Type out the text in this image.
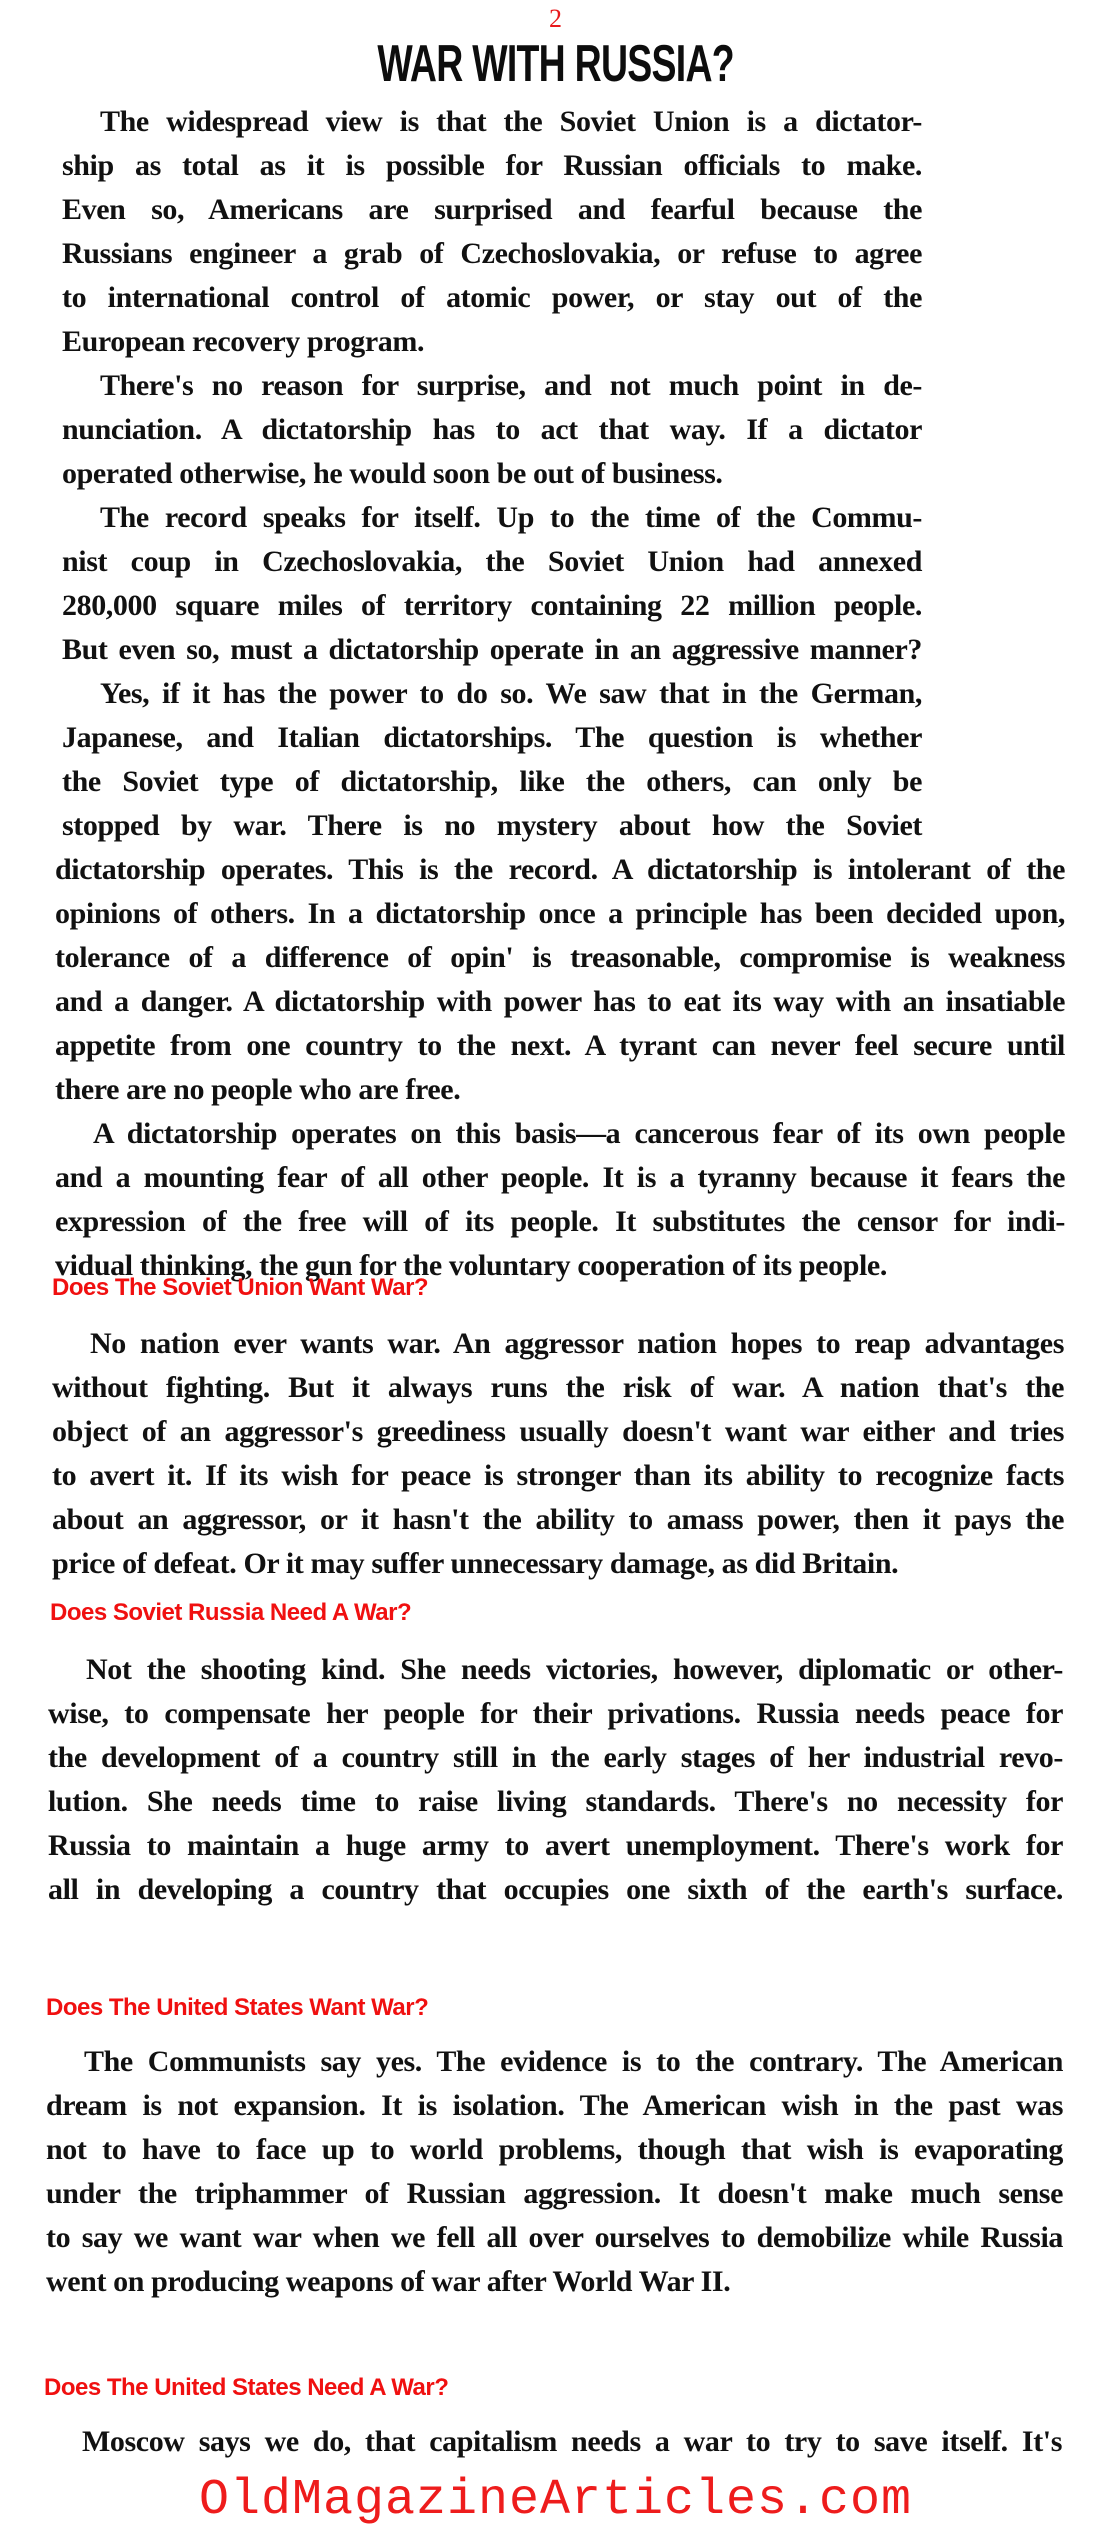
2
WAR WITH RUSSIA?
The widespread view is that the Soviet Union is a dictator-
ship as total as it is possible for Russian officials to make.
Even so, Americans are surprised and fearful because the
Russians engineer a grab of Czechoslovakia, or refuse to agree
to international control of atomic power, or stay out of the
European recovery program.
There's no reason for surprise, and not much point in de-
nunciation. A dictatorship has to act that way. If a dictator
operated otherwise, he would soon be out of business.
The record speaks for itself. Up to the time of the Commu-
nist coup in Czechoslovakia, the Soviet Union had annexed
280,000 square miles of territory containing 22 million people.
But even so, must a dictatorship operate in an aggressive manner?
Yes, if it has the power to do so. We saw that in the German,
Japanese, and Italian dictatorships. The question is whether
the Soviet type of dictatorship, like the others, can only be
stopped by war. There is no mystery about how the Soviet
dictatorship operates. This is the record. A dictatorship is intolerant of the
opinions of others. In a dictatorship once a principle has been decided upon,
tolerance of a difference of opin' is treasonable, compromise is weakness
and a danger. A dictatorship with power has to eat its way with an insatiable
appetite from one country to the next. A tyrant can never feel secure until
there are no people who are free.
A dictatorship operates on this basis—a cancerous fear of its own people
and a mounting fear of all other people. It is a tyranny because it fears the
expression of the free will of its people. It substitutes the censor for indi-
vidual thinking, the gun for the voluntary cooperation of its people.
Does The Soviet Union Want War?
No nation ever wants war. An aggressor nation hopes to reap advantages
without fighting. But it always runs the risk of war. A nation that's the
object of an aggressor's greediness usually doesn't want war either and tries
to avert it. If its wish for peace is stronger than its ability to recognize facts
about an aggressor, or it hasn't the ability to amass power, then it pays the
price of defeat. Or it may suffer unnecessary damage, as did Britain.
Does Soviet Russia Need A War?
Not the shooting kind. She needs victories, however, diplomatic or other-
wise, to compensate her people for their privations. Russia needs peace for
the development of a country still in the early stages of her industrial revo-
lution. She needs time to raise living standards. There's no necessity for
Russia to maintain a huge army to avert unemployment. There's work for
all in developing a country that occupies one sixth of the earth's surface.
Does The United States Want War?
The Communists say yes. The evidence is to the contrary. The American
dream is not expansion. It is isolation. The American wish in the past was
not to have to face up to world problems, though that wish is evaporating
under the triphammer of Russian aggression. It doesn't make much sense
to say we want war when we fell all over ourselves to demobilize while Russia
went on producing weapons of war after World War II.
Does The United States Need A War?
Moscow says we do, that capitalism needs a war to try to save itself. It's
OldMagazineArticles.com
